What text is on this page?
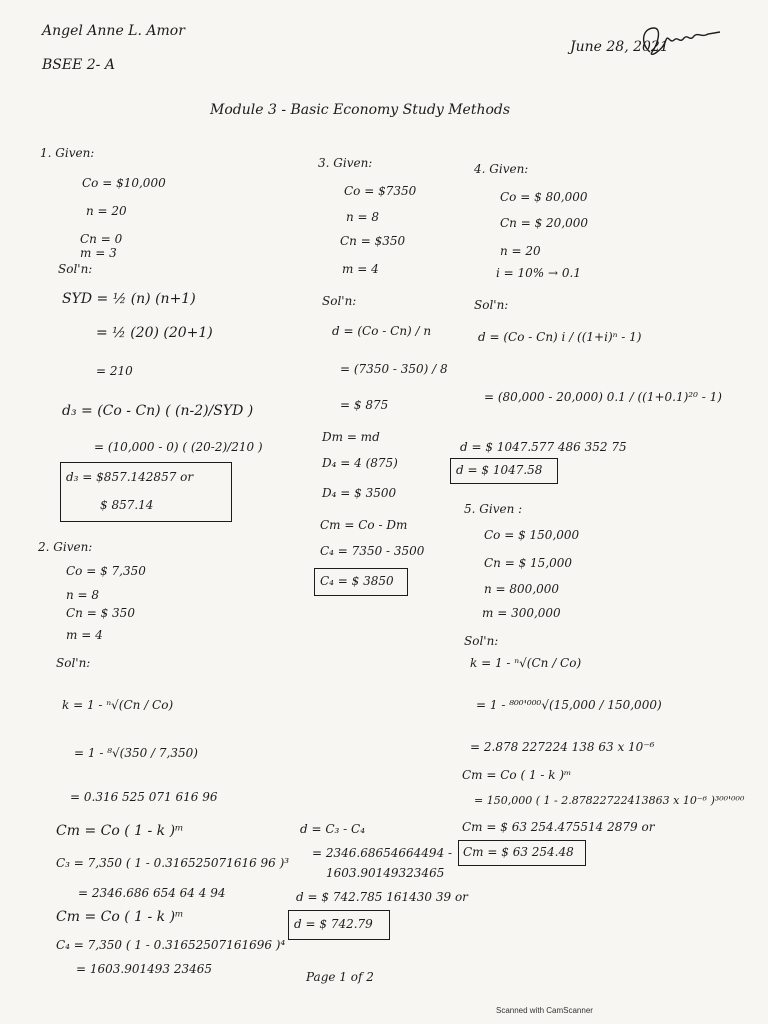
Angel Anne L. Amor
BSEE 2- A
June 28, 2021
Module 3 - Basic Economy Study Methods
1. Given:
Co = $10,000
n = 20
Cn = 0
m = 3
Sol'n:
SYD = ½ (n) (n+1)
= ½ (20) (20+1)
= 210
d₃ = (Co - Cn) ( (n-2)/SYD )
= (10,000 - 0) ( (20-2)/210 )
d₃ = $857.142857 or
$ 857.14
2. Given:
Co = $ 7,350
n = 8
Cn = $ 350
m = 4
Sol'n:
k = 1 - ⁿ√(Cn / Co)
= 1 - ⁸√(350 / 7,350)
= 0.316 525 071 616 96
Cm = Co ( 1 - k )ᵐ
C₃ = 7,350 ( 1 - 0.316525071616 96 )³
= 2346.686 654 64 4 94
Cm = Co ( 1 - k )ᵐ
C₄ = 7,350 ( 1 - 0.31652507161696 )⁴
= 1603.901493 23465
d = C₃ - C₄
= 2346.68654664494 -
1603.90149323465
d = $ 742.785 161430 39 or
d = $ 742.79
3. Given:
Co = $7350
n = 8
Cn = $350
m = 4
Sol'n:
d = (Co - Cn) / n
= (7350 - 350) / 8
= $ 875
Dm = md
D₄ = 4 (875)
D₄ = $ 3500
Cm = Co - Dm
C₄ = 7350 - 3500
C₄ = $ 3850
4. Given:
Co = $ 80,000
Cn = $ 20,000
n = 20
i = 10% → 0.1
Sol'n:
d = (Co - Cn) i / ((1+i)ⁿ - 1)
= (80,000 - 20,000) 0.1 / ((1+0.1)²⁰ - 1)
d = $ 1047.577 486 352 75
d = $ 1047.58
5. Given :
Co = $ 150,000
Cn = $ 15,000
n = 800,000
m = 300,000
Sol'n:
k = 1 - ⁿ√(Cn / Co)
= 1 - ⁸⁰⁰'⁰⁰⁰√(15,000 / 150,000)
= 2.878 227224 138 63 x 10⁻⁶
Cm = Co ( 1 - k )ᵐ
= 150,000 ( 1 - 2.87822722413863 x 10⁻⁶ )³⁰⁰'⁰⁰⁰
Cm = $ 63 254.475514 2879 or
Cm = $ 63 254.48
Page 1 of 2
Scanned with CamScanner
